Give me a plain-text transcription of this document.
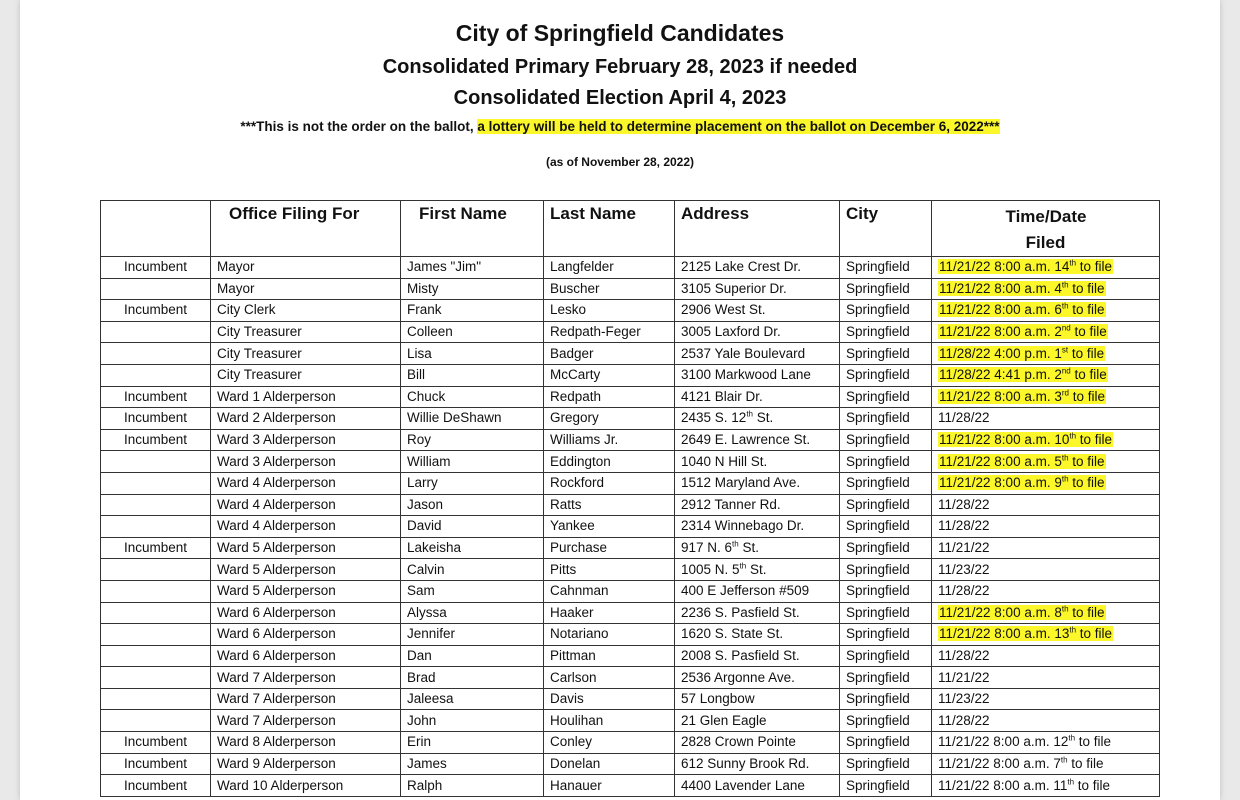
City of Springfield Candidates
Consolidated Primary February 28, 2023 if needed
Consolidated Election April 4, 2023
***This is not the order on the ballot, a lottery will be held to determine placement on the ballot on December 6, 2022***
(as of November 28, 2022)
	Office Filing For	First Name	Last Name	Address	City	Time/Date Filed
Incumbent	Mayor	James "Jim"	Langfelder	2125 Lake Crest Dr.	Springfield	11/21/22 8:00 a.m. 14th to file
	Mayor	Misty	Buscher	3105 Superior Dr.	Springfield	11/21/22 8:00 a.m. 4th to file
Incumbent	City Clerk	Frank	Lesko	2906 West St.	Springfield	11/21/22 8:00 a.m. 6th to file
	City Treasurer	Colleen	Redpath-Feger	3005 Laxford Dr.	Springfield	11/21/22 8:00 a.m. 2nd to file
	City Treasurer	Lisa	Badger	2537 Yale Boulevard	Springfield	11/28/22 4:00 p.m. 1st to file
	City Treasurer	Bill	McCarty	3100 Markwood Lane	Springfield	11/28/22 4:41 p.m. 2nd to file
Incumbent	Ward 1 Alderperson	Chuck	Redpath	4121 Blair Dr.	Springfield	11/21/22 8:00 a.m. 3rd to file
Incumbent	Ward 2 Alderperson	Willie DeShawn	Gregory	2435 S. 12th St.	Springfield	11/28/22
Incumbent	Ward 3 Alderperson	Roy	Williams Jr.	2649 E. Lawrence St.	Springfield	11/21/22 8:00 a.m. 10th to file
	Ward 3 Alderperson	William	Eddington	1040 N Hill St.	Springfield	11/21/22 8:00 a.m. 5th to file
	Ward 4 Alderperson	Larry	Rockford	1512 Maryland Ave.	Springfield	11/21/22 8:00 a.m. 9th to file
	Ward 4 Alderperson	Jason	Ratts	2912 Tanner Rd.	Springfield	11/28/22
	Ward 4 Alderperson	David	Yankee	2314 Winnebago Dr.	Springfield	11/28/22
Incumbent	Ward 5 Alderperson	Lakeisha	Purchase	917 N. 6th St.	Springfield	11/21/22
	Ward 5 Alderperson	Calvin	Pitts	1005 N. 5th St.	Springfield	11/23/22
	Ward 5 Alderperson	Sam	Cahnman	400 E Jefferson #509	Springfield	11/28/22
	Ward 6 Alderperson	Alyssa	Haaker	2236 S. Pasfield St.	Springfield	11/21/22 8:00 a.m. 8th to file
	Ward 6 Alderperson	Jennifer	Notariano	1620 S. State St.	Springfield	11/21/22 8:00 a.m. 13th to file
	Ward 6 Alderperson	Dan	Pittman	2008 S. Pasfield St.	Springfield	11/28/22
	Ward 7 Alderperson	Brad	Carlson	2536 Argonne Ave.	Springfield	11/21/22
	Ward 7 Alderperson	Jaleesa	Davis	57 Longbow	Springfield	11/23/22
	Ward 7 Alderperson	John	Houlihan	21 Glen Eagle	Springfield	11/28/22
Incumbent	Ward 8 Alderperson	Erin	Conley	2828 Crown Pointe	Springfield	11/21/22 8:00 a.m. 12th to file
Incumbent	Ward 9 Alderperson	James	Donelan	612 Sunny Brook Rd.	Springfield	11/21/22 8:00 a.m. 7th to file
Incumbent	Ward 10 Alderperson	Ralph	Hanauer	4400 Lavender Lane	Springfield	11/21/22 8:00 a.m. 11th to file
